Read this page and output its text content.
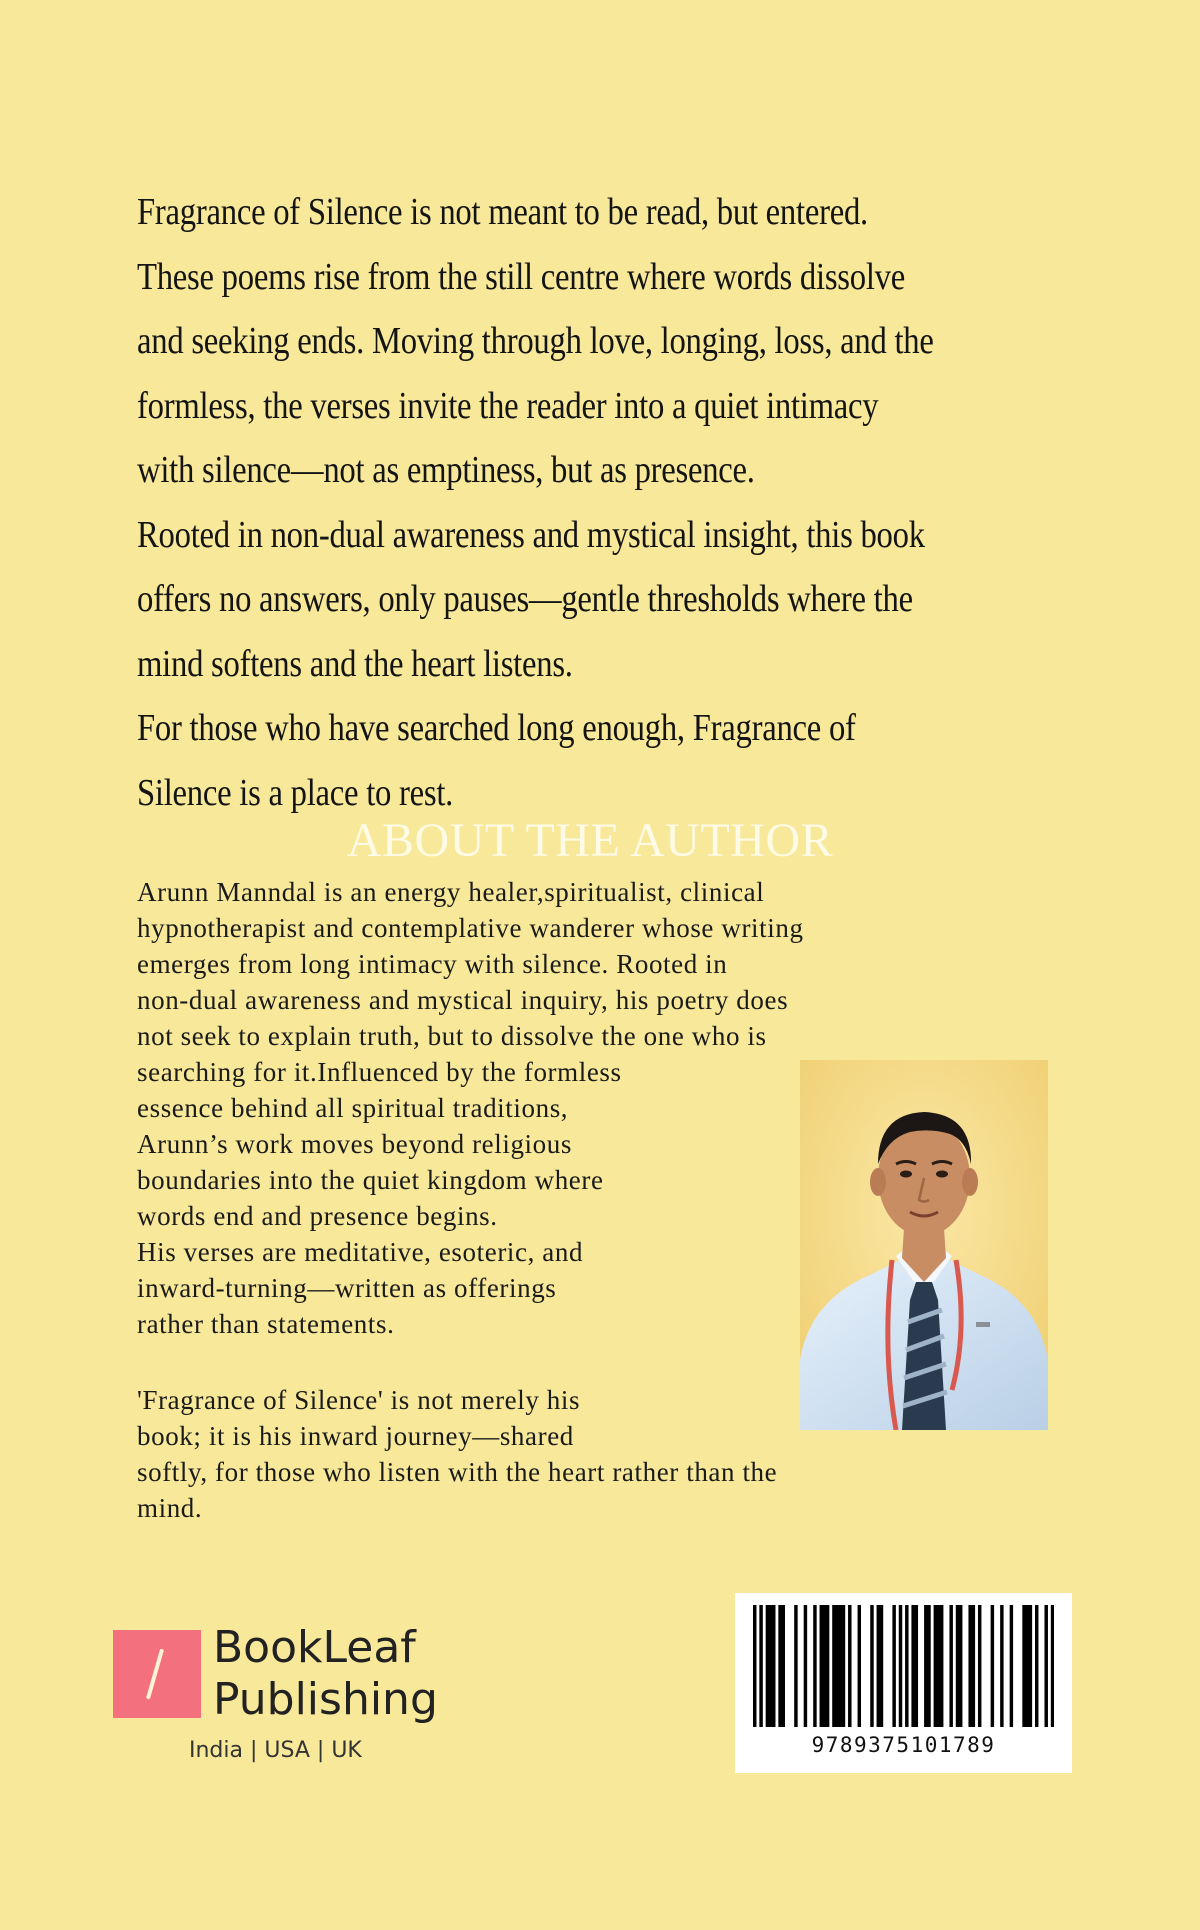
Fragrance of Silence is not meant to be read, but entered.
These poems rise from the still centre where words dissolve
and seeking ends. Moving through love, longing, loss, and the
formless, the verses invite the reader into a quiet intimacy
with silence—not as emptiness, but as presence.
Rooted in non-dual awareness and mystical insight, this book
offers no answers, only pauses—gentle thresholds where the
mind softens and the heart listens.
For those who have searched long enough, Fragrance of
Silence is a place to rest.
ABOUT THE AUTHOR
Arunn Manndal is an energy healer,spiritualist, clinical
hypnotherapist and contemplative wanderer whose writing
emerges from long intimacy with silence. Rooted in
non-dual awareness and mystical inquiry, his poetry does
not seek to explain truth, but to dissolve the one who is
searching for it.Influenced by the formless
essence behind all spiritual traditions,
Arunn’s work moves beyond religious
boundaries into the quiet kingdom where
words end and presence begins.
His verses are meditative, esoteric, and
inward-turning—written as offerings
rather than statements.
'Fragrance of Silence' is not merely his
book; it is his inward journey—shared
softly, for those who listen with the heart rather than the
mind.
BookLeaf
Publishing
India | USA | UK	9789375101789
